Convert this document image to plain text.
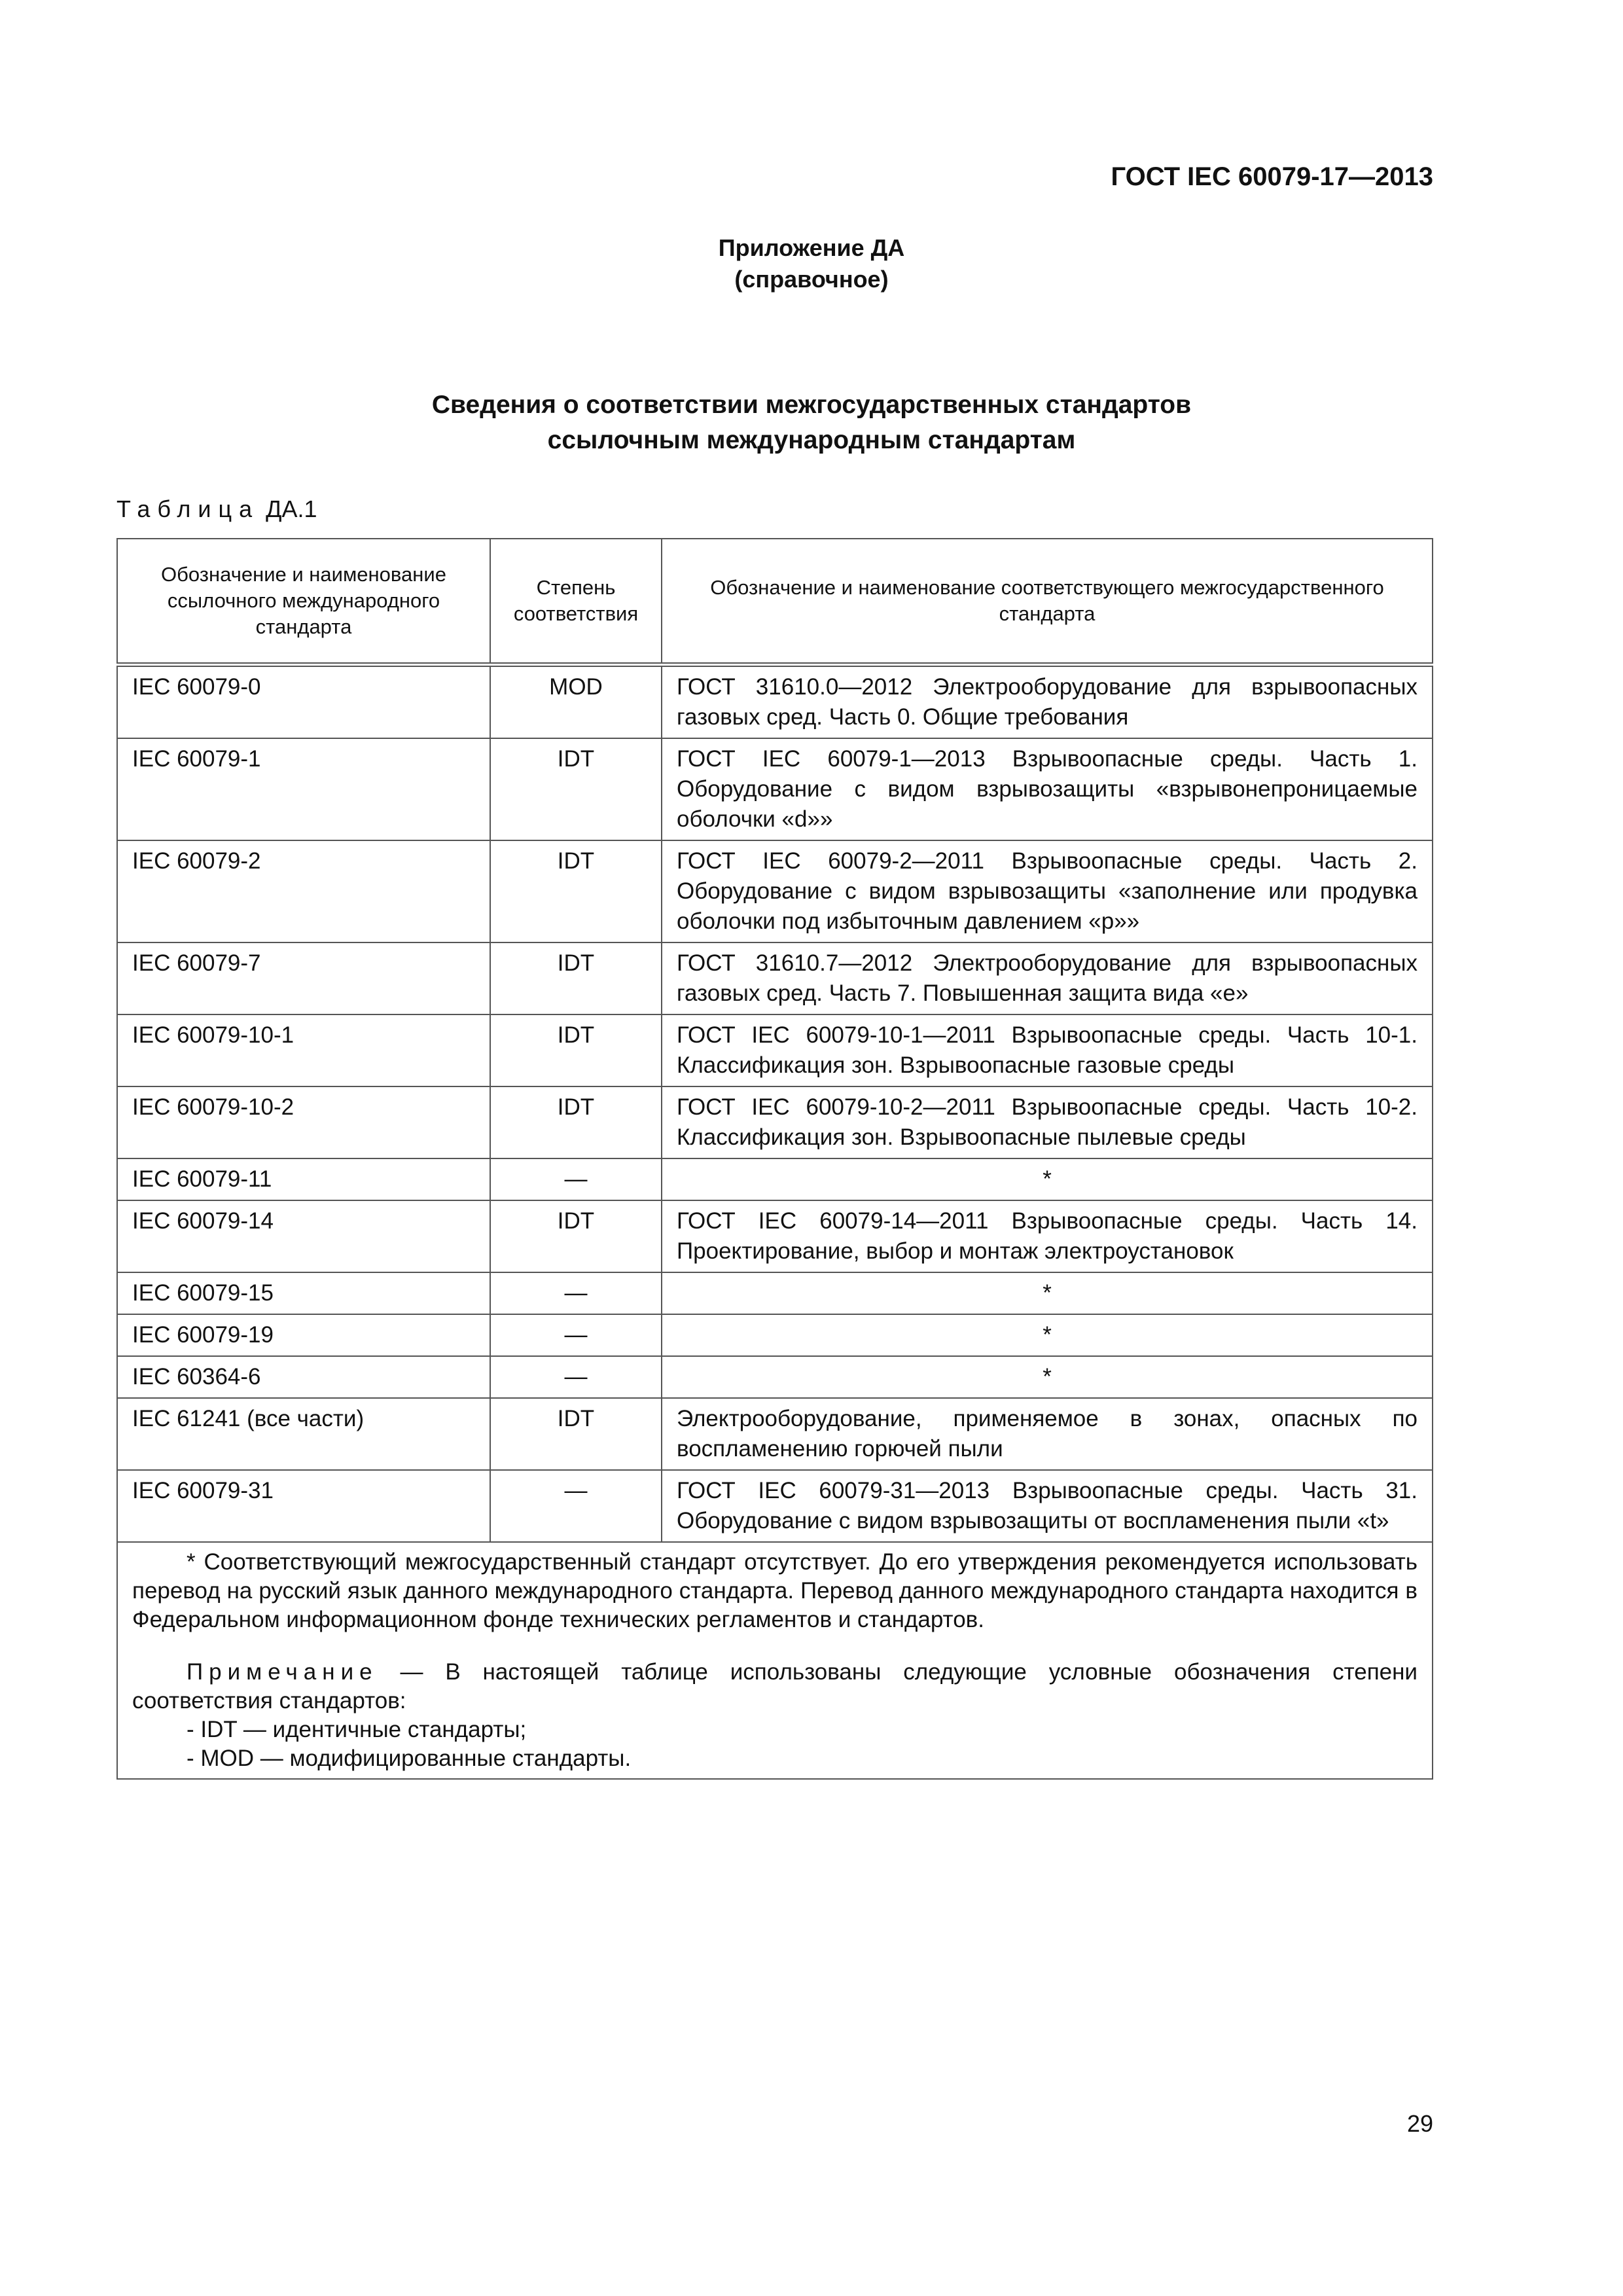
ГОСТ IEC 60079-17—2013
Приложение ДА
(справочное)
Сведения о соответствии межгосударственных стандартов
ссылочным международным стандартам
Таблица ДА.1
Обозначение и наименование ссылочного международного стандарта	Степень соответствия	Обозначение и наименование соответствующего межгосударственного стандарта
IEC 60079-0	MOD	ГОСТ 31610.0—2012 Электрооборудование для взрывоопасных газовых сред. Часть 0. Общие требования
IEC 60079-1	IDT	ГОСТ IEC 60079-1—2013 Взрывоопасные среды. Часть 1. Оборудование с видом взрывозащиты «взрывонепроницаемые оболочки «d»»
IEC 60079-2	IDT	ГОСТ IEC 60079-2—2011 Взрывоопасные среды. Часть 2. Оборудование с видом взрывозащиты «заполнение или продувка оболочки под избыточным давлением «р»»
IEC 60079-7	IDT	ГОСТ 31610.7—2012 Электрооборудование для взрывоопасных газовых сред. Часть 7. Повышенная защита вида «е»
IEC 60079-10-1	IDT	ГОСТ IEC 60079-10-1—2011 Взрывоопасные среды. Часть 10-1. Классификация зон. Взрывоопасные газовые среды
IEC 60079-10-2	IDT	ГОСТ IEC 60079-10-2—2011 Взрывоопасные среды. Часть 10-2. Классификация зон. Взрывоопасные пылевые среды
IEC 60079-11	—	*
IEC 60079-14	IDT	ГОСТ IEC 60079-14—2011 Взрывоопасные среды. Часть 14. Проектирование, выбор и монтаж электроустановок
IEC 60079-15	—	*
IEC 60079-19	—	*
IEC 60364-6	—	*
IEC 61241 (все части)	IDT	Электрооборудование, применяемое в зонах, опасных по воспламенению горючей пыли
IEC 60079-31	—	ГОСТ IEC 60079-31—2013 Взрывоопасные среды. Часть 31. Оборудование с видом взрывозащиты от воспламенения пыли «t»

* Соответствующий межгосударственный стандарт отсутствует. До его утверждения рекомендуется использовать перевод на русский язык данного международного стандарта. Перевод данного международного стандарта находится в Федеральном информационном фонде технических регламентов и стандартов.

Примечание — В настоящей таблице использованы следующие условные обозначения степени соответствия стандартов:

- IDT — идентичные стандарты;

- MOD — модифицированные стандарты.		

29
